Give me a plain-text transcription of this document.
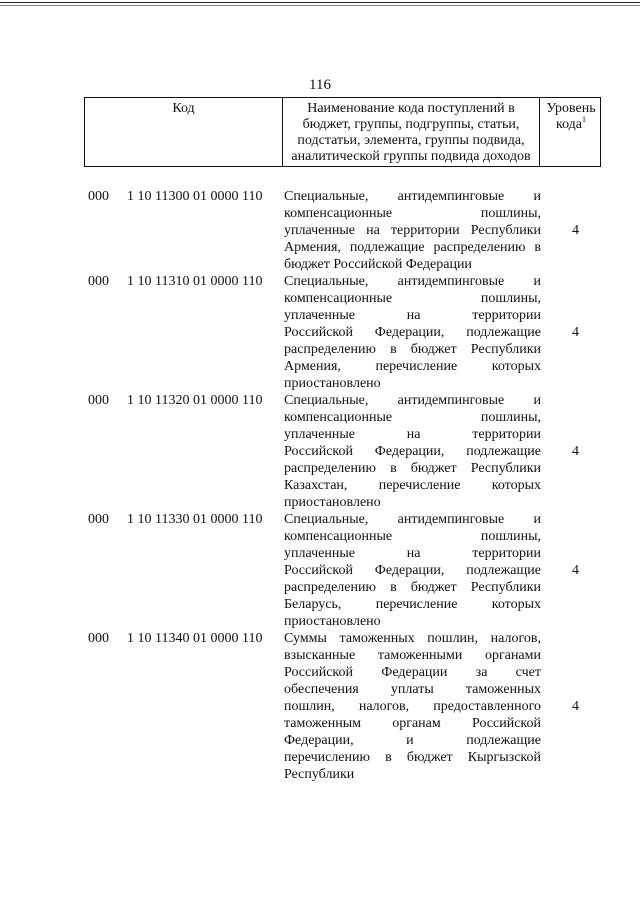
116
Код	Наименование кода поступлений в
бюджет, группы, подгруппы, статьи,
подстатьи, элемента, группы подвида,
аналитической группы подвида доходов
Уровень
кода$^1$
000 1 10 11300 01 0000 110 Специальные, антидемпинговые и
компенсационные пошлины,
уплаченные на территории Республики
Армения, подлежащие распределению в
бюджет Российской Федерации
4
000 1 10 11310 01 0000 110 Специальные, антидемпинговые и
компенсационные пошлины,
уплаченные на территории
Российской Федерации, подлежащие
распределению в бюджет Республики
Армения, перечисление которых
приостановлено
4
000 1 10 11320 01 0000 110 Специальные, антидемпинговые и
компенсационные пошлины,
уплаченные на территории
Российской Федерации, подлежащие
распределению в бюджет Республики
Казахстан, перечисление которых
приостановлено
4
000 1 10 11330 01 0000 110 Специальные, антидемпинговые и
компенсационные пошлины,
уплаченные на территории
Российской Федерации, подлежащие
распределению в бюджет Республики
Беларусь, перечисление которых
приостановлено
4
000 1 10 11340 01 0000 110 Суммы таможенных пошлин, налогов,
взысканные таможенными органами
Российской Федерации за счет
обеспечения уплаты таможенных
пошлин, налогов, предоставленного
таможенным органам Российской
Федерации, и подлежащие
перечислению в бюджет Кыргызской
Республики
4
